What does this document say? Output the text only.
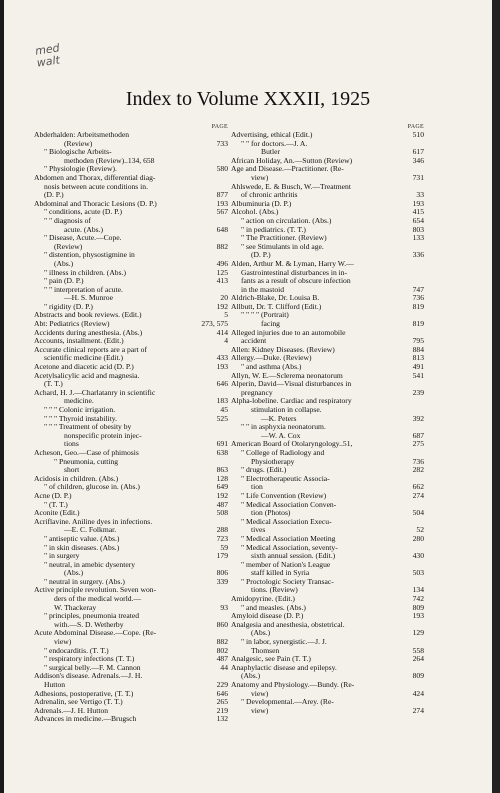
med
walt
Index to Volume XXXII, 1925
PAGE
Abderhalden: Arbeitsmethoden
(Review)	733
" Biologische Arbeits-
methoden (Review)..134, 658
" Physiologie (Review).	580
Abdomen and Thorax, differential diag-
nosis between acute conditions in.
(D. P.)	877
Abdominal and Thoracic Lesions (D. P.)	193
" conditions, acute (D. P.)	567
" " diagnosis of
acute. (Abs.)	648
" Disease, Acute.—Cope.
(Review)	882
" distention, physostigmine in
(Abs.)	496
" illness in children. (Abs.)	125
" pain (D. P.)	413
" " interpretation of acute.
—H. S. Munroe	20
" rigidity (D. P.)	192
Abstracts and book reviews. (Edit.)	5
Abt: Pediatrics (Review)	273, 575
Accidents during anesthesia. (Abs.)	414
Accounts, installment. (Edit.)	4
Accurate clinical reports are a part of
scientific medicine (Edit.)	433
Acetone and diacetic acid (D. P.)	193
Acetylsalicylic acid and magnesia.
(T. T.)	646
Achard, H. J.—Charlatanry in scientific
medicine.	183
" " " Colonic irrigation.	45
" " " Thyroid instability.	525
" " " Treatment of obesity by
nonspecific protein injec-
tions	691
Acheson, Geo.—Case of phimosis	638
" Pneumonia, cutting
short	863
Acidosis in children. (Abs.)	128
" of children, glucose in. (Abs.)	649
Acne (D. P.)	192
" (T. T.)	487
Aconite (Edit.)	508
Acriflavine. Aniline dyes in infections.
—E. C. Folkmar.	288
" antiseptic value. (Abs.)	723
" in skin diseases. (Abs.)	59
" in surgery	179
" neutral, in amebic dysentery
(Abs.)	806
" neutral in surgery. (Abs.)	339
Active principle revolution. Seven won-
ders of the medical world.—
W. Thackeray	93
" principles, pneumonia treated
with.—S. D. Wetherby	860
Acute Abdominal Disease.—Cope. (Re-
view)	882
" endocarditis. (T. T.)	802
" respiratory infections (T. T.)	487
" surgical belly.—F. M. Cannon	44
Addison's disease. Adrenals.—J. H.
Hutton	229
Adhesions, postoperative, (T. T.)	646
Adrenalin, see Vertigo (T. T.)	265
Adrenals.—J. H. Hutton	219
Advances in medicine.—Brugsch	132
PAGE
Advertising, ethical (Edit.)	510
" " for doctors.—J. A.
Butler	617
African Holiday, An.—Sutton (Review)	346
Age and Disease.—Practitioner. (Re-
view)	731
Ahlswede, E. & Busch, W.—Treatment
of chronic arthritis	33
Albuminuria (D. P.)	193
Alcohol. (Abs.)	415
" action on circulation. (Abs.)	654
" in pediatrics. (T. T.)	803
" The Practitioner. (Review)	133
" see Stimulants in old age.
(D. P.)	336
Alden, Arthur M. & Lyman, Harry W.—
Gastrointestinal disturbances in in-
fants as a result of obscure infection
in the mastoid	747
Aldrich-Blake, Dr. Louisa B.	736
Allbutt, Dr. T. Clifford (Edit.)	819
" " " " (Portrait)
facing	819
Alleged injuries due to an automobile
accident	795
Allen: Kidney Diseases. (Review)	884
Allergy.—Duke. (Review)	813
" and asthma (Abs.)	491
Allyn, W. E.—Sclerema neonatorum	541
Alperin, David—Visual disturbances in
pregnancy	239
Alpha-lobeline. Cardiac and respiratory
stimulation in collapse.
—K. Peters	392
" " in asphyxia neonatorum.
—W. A. Cox	687
American Board of Otolaryngology..51,	275
" College of Radiology and
Physiotherapy	736
" drugs. (Edit.)	282
" Electrotherapeutic Associa-
tion	662
" Life Convention (Review)	274
" Medical Association Conven-
tion (Photos)	504
" Medical Association Execu-
tives	52
" Medical Association Meeting	280
" Medical Association, seventy-
sixth annual session. (Edit.)	430
" member of Nation's League
staff killed in Syria	503
" Proctologic Society Transac-
tions. (Review)	134
Amidopyrine. (Edit.)	742
" and measles. (Abs.)	809
Amyloid disease (D. P.)	193
Analgesia and anesthesia, obstetrical.
(Abs.)	129
" in labor, synergistic.—J. J.
Thomsen	558
Analgesic, see Pain (T. T.)	264
Anaphylactic disease and epilepsy.
(Abs.)	809
Anatomy and Physiology.—Bundy. (Re-
view)	424
" Developmental.—Arey. (Re-
view)	274
